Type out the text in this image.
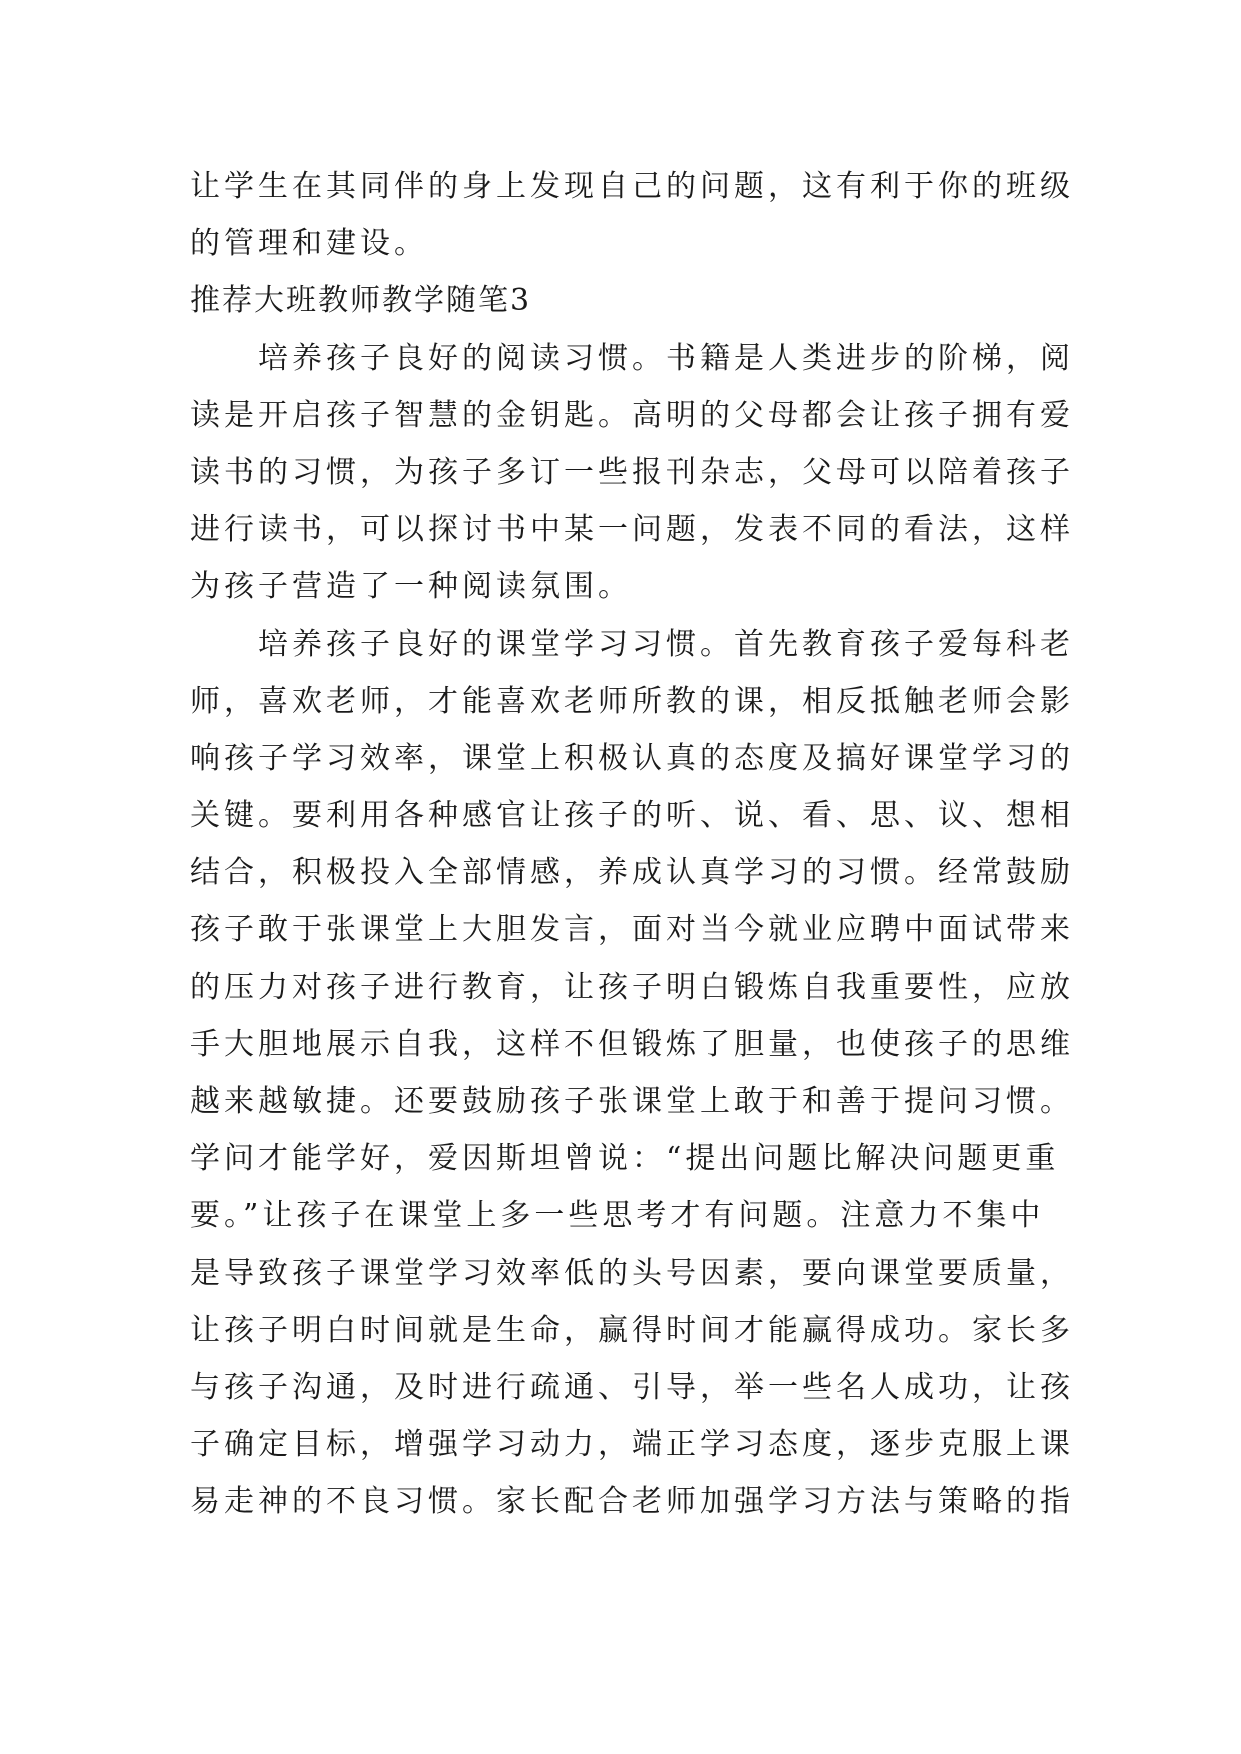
让学生在其同伴的身上发现自己的问题，这有利于你的班级
的管理和建设。
推荐大班教师教学随笔3
　　培养孩子良好的阅读习惯。书籍是人类进步的阶梯，阅
读是开启孩子智慧的金钥匙。高明的父母都会让孩子拥有爱
读书的习惯，为孩子多订一些报刊杂志，父母可以陪着孩子
进行读书，可以探讨书中某一问题，发表不同的看法，这样
为孩子营造了一种阅读氛围。
　　培养孩子良好的课堂学习习惯。首先教育孩子爱每科老
师，喜欢老师，才能喜欢老师所教的课，相反抵触老师会影
响孩子学习效率，课堂上积极认真的态度及搞好课堂学习的
关键。要利用各种感官让孩子的听、说、看、思、议、想相
结合，积极投入全部情感，养成认真学习的习惯。经常鼓励
孩子敢于张课堂上大胆发言，面对当今就业应聘中面试带来
的压力对孩子进行教育，让孩子明白锻炼自我重要性，应放
手大胆地展示自我，这样不但锻炼了胆量，也使孩子的思维
越来越敏捷。还要鼓励孩子张课堂上敢于和善于提问习惯。
学问才能学好，爱因斯坦曾说：“提出问题比解决问题更重
要。”让孩子在课堂上多一些思考才有问题。注意力不集中
是导致孩子课堂学习效率低的头号因素，要向课堂要质量，
让孩子明白时间就是生命，赢得时间才能赢得成功。家长多
与孩子沟通，及时进行疏通、引导，举一些名人成功，让孩
子确定目标，增强学习动力，端正学习态度，逐步克服上课
易走神的不良习惯。家长配合老师加强学习方法与策略的指
